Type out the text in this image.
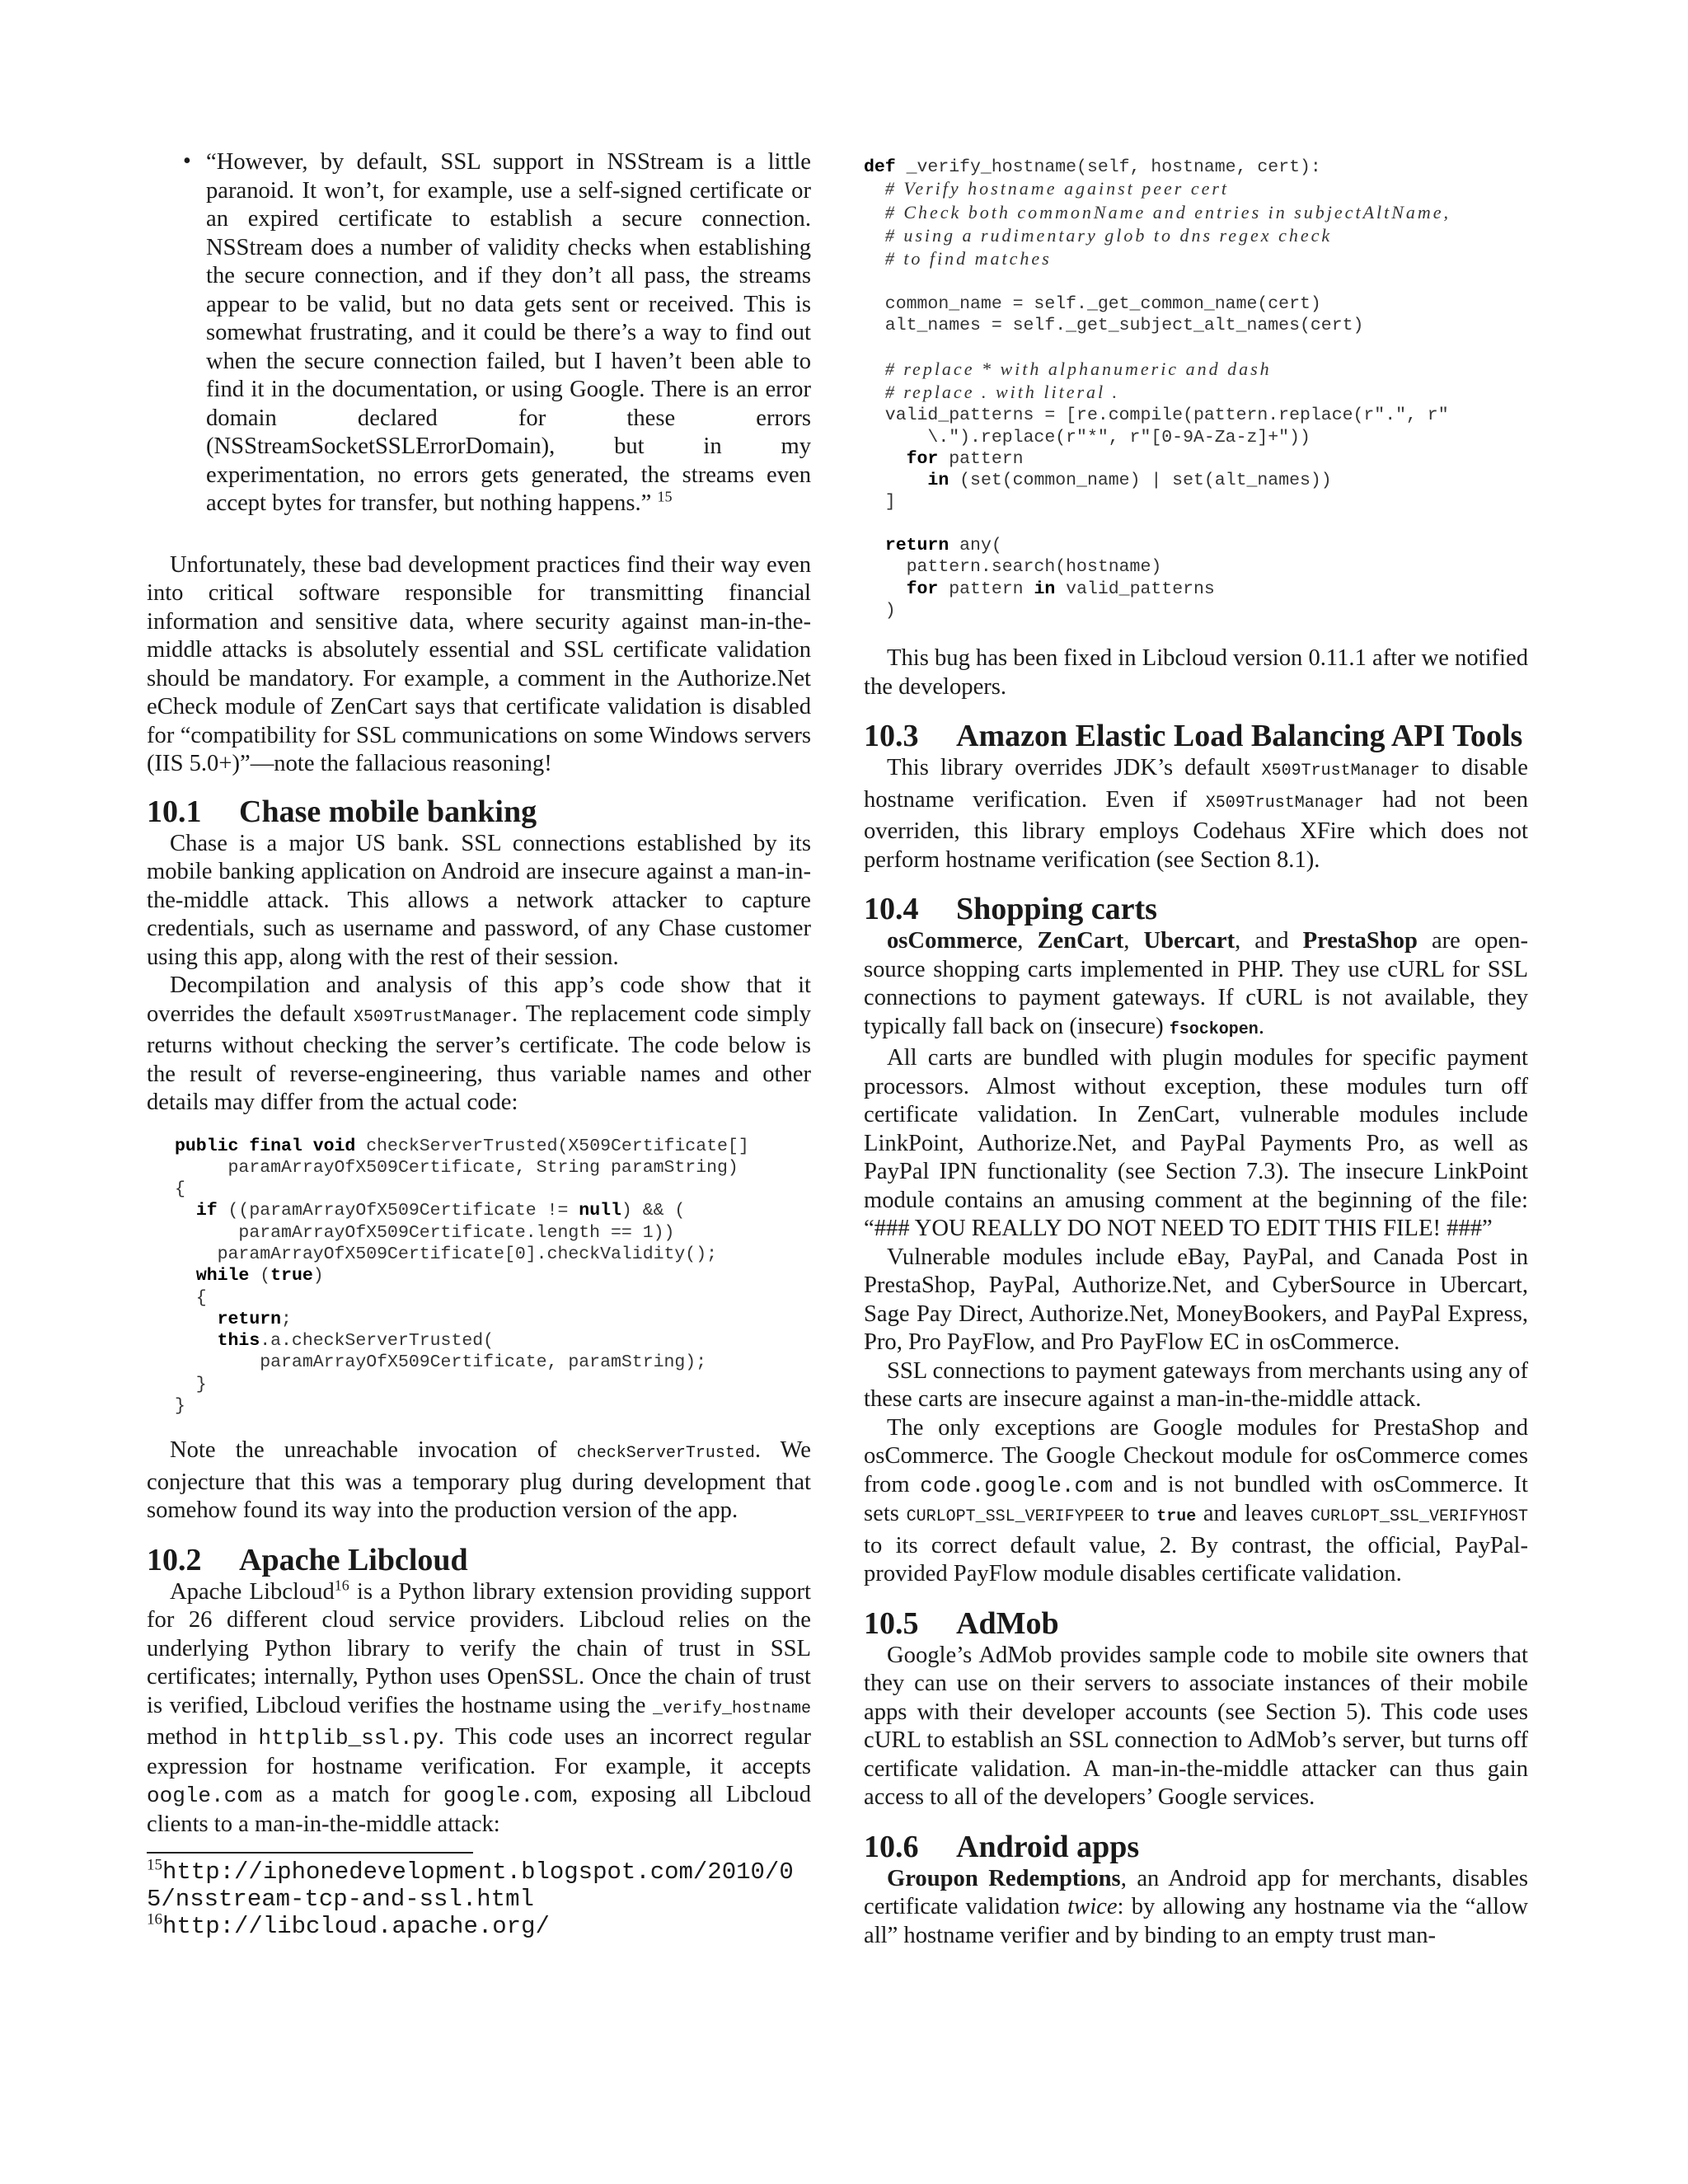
• “However, by default, SSL support in NSStream is a little paranoid. It won’t, for example, use a self-signed certificate or an expired certificate to establish a secure connection. NSStream does a number of validity checks when establishing the secure connection, and if they don’t all pass, the streams appear to be valid, but no data gets sent or received. This is somewhat frustrating, and it could be there’s a way to find out when the secure connection failed, but I haven’t been able to find it in the documentation, or using Google. There is an error domain declared for these errors (NSStreamSocketSSLErrorDomain), but in my experimentation, no errors gets generated, the streams even accept bytes for transfer, but nothing happens.” $^{15}$

Unfortunately, these bad development practices find their way even into critical software responsible for transmitting financial information and sensitive data, where security against man-in-the-middle attacks is absolutely essential and SSL certificate validation should be mandatory. For example, a comment in the Authorize.Net eCheck module of ZenCart says that certificate validation is disabled for “compatibility for SSL communications on some Windows servers (IIS 5.0+)”—note the fallacious reasoning!

10.1 Chase mobile banking

Chase is a major US bank. SSL connections established by its mobile banking application on Android are insecure against a man-in-the-middle attack. This allows a network attacker to capture credentials, such as username and password, of any Chase customer using this app, along with the rest of their session.

Decompilation and analysis of this app’s code show that it overrides the default X509TrustManager. The replacement code simply returns without checking the server’s certificate. The code below is the result of reverse-engineering, thus variable names and other details may differ from the actual code:

public final void checkServerTrusted(X509Certificate[]
paramArrayOfX509Certificate, String paramString)
{
if ((paramArrayOfX509Certificate != null) && (
paramArrayOfX509Certificate.length == 1))
paramArrayOfX509Certificate[0].checkValidity();
while (true)
{
return;
this.a.checkServerTrusted(
paramArrayOfX509Certificate, paramString);
}
}

Note the unreachable invocation of checkServerTrusted. We conjecture that this was a temporary plug during development that somehow found its way into the production version of the app.

10.2 Apache Libcloud

Apache Libcloud$^{16}$ is a Python library extension providing support for 26 different cloud service providers. Libcloud relies on the underlying Python library to verify the chain of trust in SSL certificates; internally, Python uses OpenSSL. Once the chain of trust is verified, Libcloud verifies the hostname using the _verify_hostname method in httplib_ssl.py. This code uses an incorrect regular expression for hostname verification. For example, it accepts oogle.com as a match for google.com, exposing all Libcloud clients to a man-in-the-middle attack:

$^{15}$http://iphonedevelopment.blogspot.com/2010/05/nsstream-tcp-and-ssl.html

$^{16}$http://libcloud.apache.org/

def _verify_hostname(self, hostname, cert):
# Verify hostname against peer cert
# Check both commonName and entries in subjectAltName,
# using a rudimentary glob to dns regex check
# to find matches

common_name = self._get_common_name(cert)
alt_names = self._get_subject_alt_names(cert)

# replace * with alphanumeric and dash
# replace . with literal .
valid_patterns = [re.compile(pattern.replace(r".", r"
\.").replace(r"*", r"[0-9A-Za-z]+"))
for pattern
in (set(common_name) | set(alt_names))
]

return any(
pattern.search(hostname)
for pattern in valid_patterns
)

This bug has been fixed in Libcloud version 0.11.1 after we notified the developers.

10.3 Amazon Elastic Load Balancing API Tools

This library overrides JDK’s default X509TrustManager to disable hostname verification. Even if X509TrustManager had not been overriden, this library employs Codehaus XFire which does not perform hostname verification (see Section 8.1).

10.4 Shopping carts

osCommerce, ZenCart, Ubercart, and PrestaShop are open-source shopping carts implemented in PHP. They use cURL for SSL connections to payment gateways. If cURL is not available, they typically fall back on (insecure) fsockopen.

All carts are bundled with plugin modules for specific payment processors. Almost without exception, these modules turn off certificate validation. In ZenCart, vulnerable modules include LinkPoint, Authorize.Net, and PayPal Payments Pro, as well as PayPal IPN functionality (see Section 7.3). The insecure LinkPoint module contains an amusing comment at the beginning of the file: “### YOU REALLY DO NOT NEED TO EDIT THIS FILE! ###”

Vulnerable modules include eBay, PayPal, and Canada Post in PrestaShop, PayPal, Authorize.Net, and CyberSource in Ubercart, Sage Pay Direct, Authorize.Net, MoneyBookers, and PayPal Express, Pro, Pro PayFlow, and Pro PayFlow EC in osCommerce.

SSL connections to payment gateways from merchants using any of these carts are insecure against a man-in-the-middle attack.

The only exceptions are Google modules for PrestaShop and osCommerce. The Google Checkout module for osCommerce comes from code.google.com and is not bundled with osCommerce. It sets CURLOPT_SSL_VERIFYPEER to true and leaves CURLOPT_SSL_VERIFYHOST to its correct default value, 2. By contrast, the official, PayPal-provided PayFlow module disables certificate validation.

10.5 AdMob

Google’s AdMob provides sample code to mobile site owners that they can use on their servers to associate instances of their mobile apps with their developer accounts (see Section 5). This code uses cURL to establish an SSL connection to AdMob’s server, but turns off certificate validation. A man-in-the-middle attacker can thus gain access to all of the developers’ Google services.

10.6 Android apps

Groupon Redemptions, an Android app for merchants, disables certificate validation twice: by allowing any hostname via the “allow all” hostname verifier and by binding to an empty trust man-
